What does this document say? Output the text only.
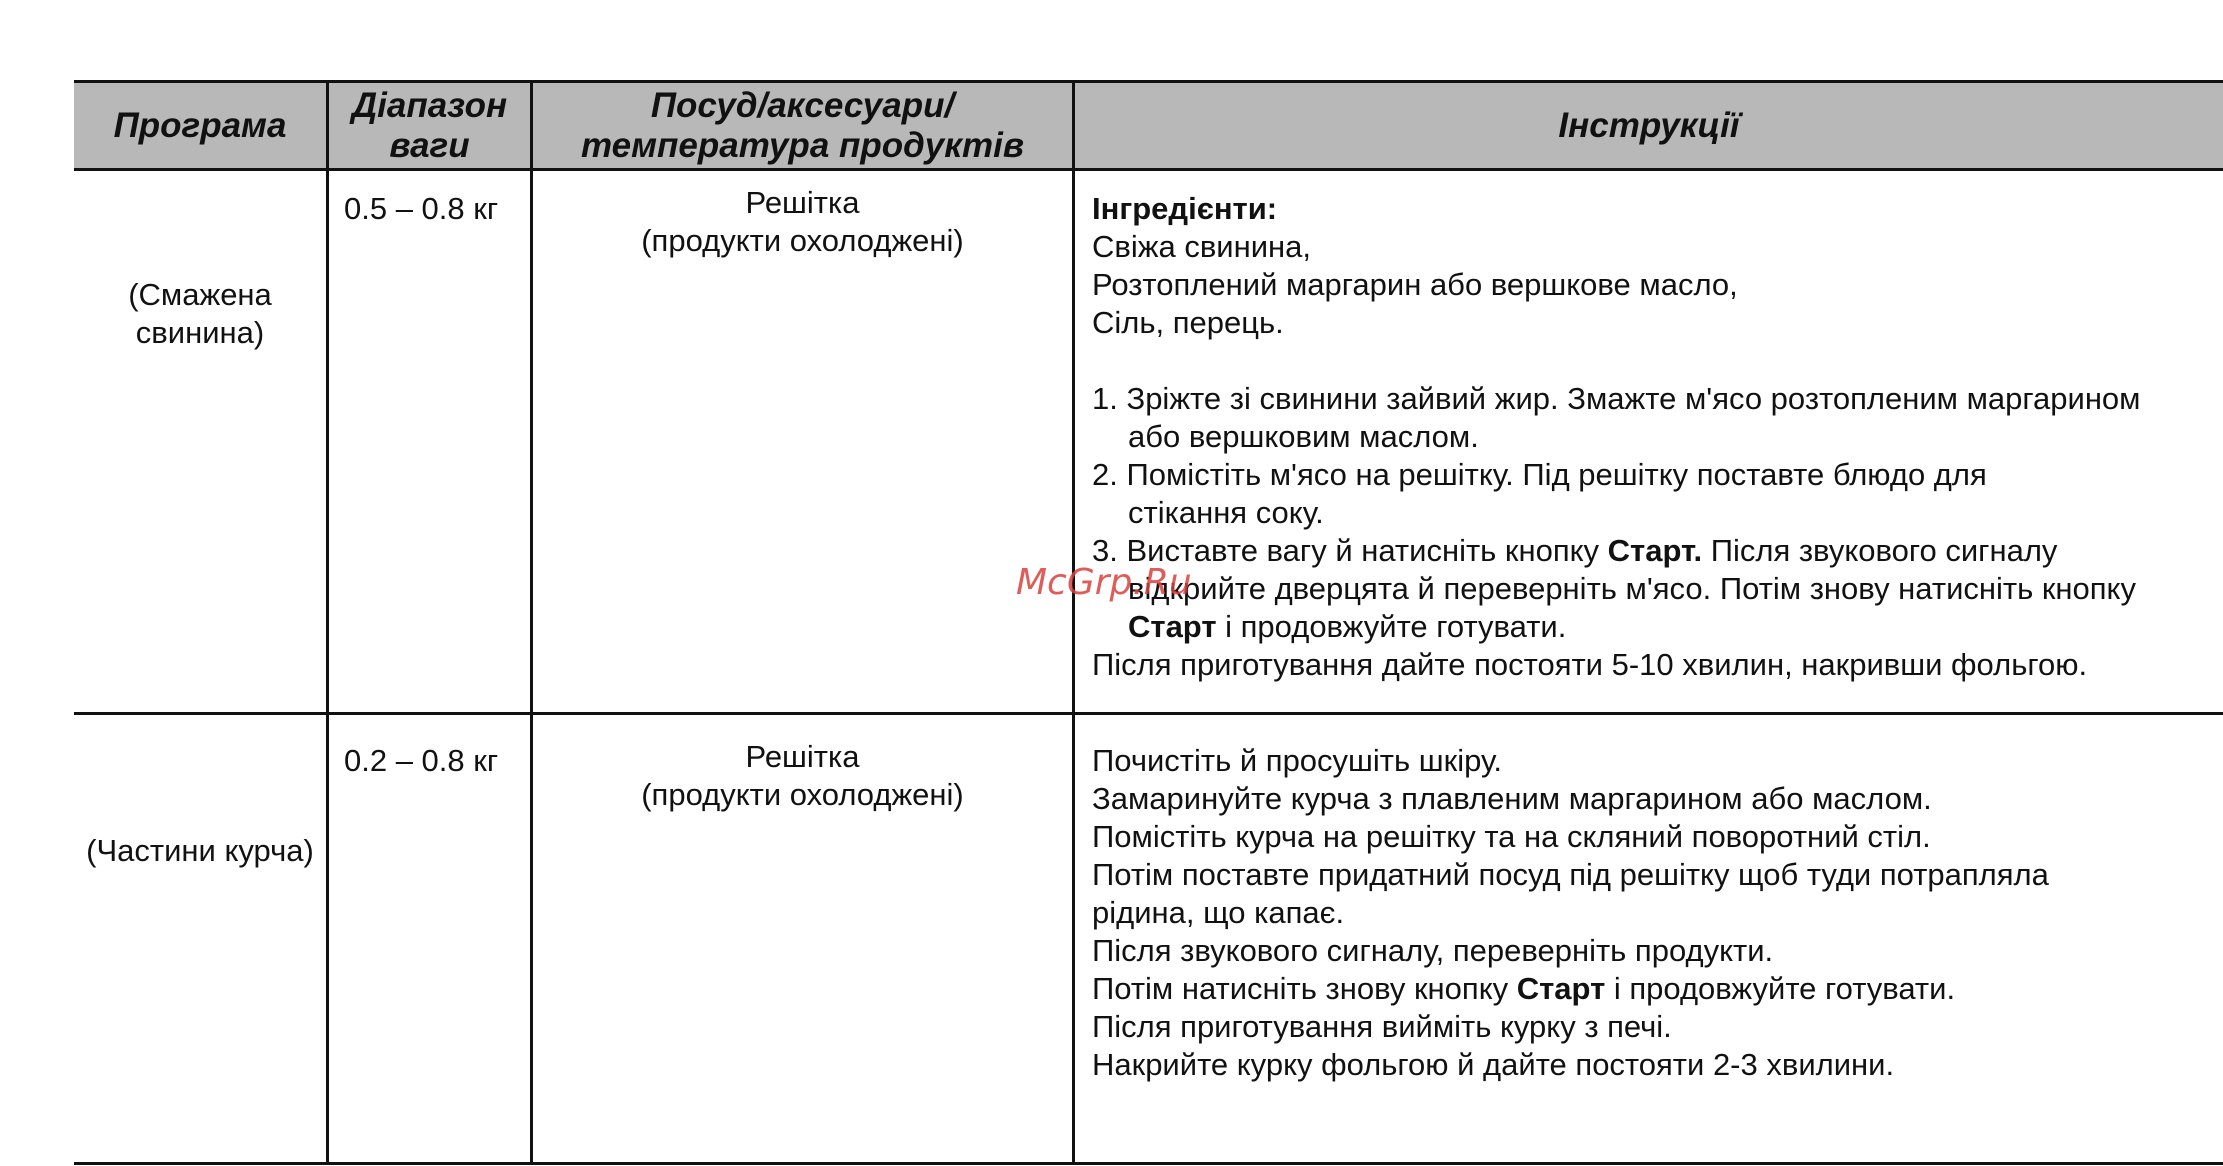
Програма
Діапазон
ваги
Посуд/аксесуари/
температура продуктів
Інструкції
(Смажена
свинина)
0.5 – 0.8 кг	Решітка
(продукти охолоджені)
Інгредієнти:
Свіжа свинина,
Розтоплений маргарин або вершкове масло,
Сіль, перець.
1. Зріжте зі свинини зайвий жир. Змажте м'ясо розтопленим маргарином
або вершковим маслом.
2. Помістіть м'ясо на решітку. Під решітку поставте блюдо для
стікання соку.
3. Виставте вагу й натисніть кнопку Старт. Після звукового сигналу
відкрийте дверцята й переверніть м'ясо. Потім знову натисніть кнопку
Старт і продовжуйте готувати.
Після приготування дайте постояти 5-10 хвилин, накривши фольгою.
(Частини курча)
0.2 – 0.8 кг	Решітка
(продукти охолоджені)
Почистіть й просушіть шкіру.
Замаринуйте курча з плавленим маргарином або маслом.
Помістіть курча на решітку та на скляний поворотний стіл.
Потім поставте придатний посуд під решітку щоб туди потрапляла
рідина, що капає.
Після звукового сигналу, переверніть продукти.
Потім натисніть знову кнопку Старт і продовжуйте готувати.
Після приготування вийміть курку з печі.
Накрийте курку фольгою й дайте постояти 2-3 хвилини.
McGrp.Ru
